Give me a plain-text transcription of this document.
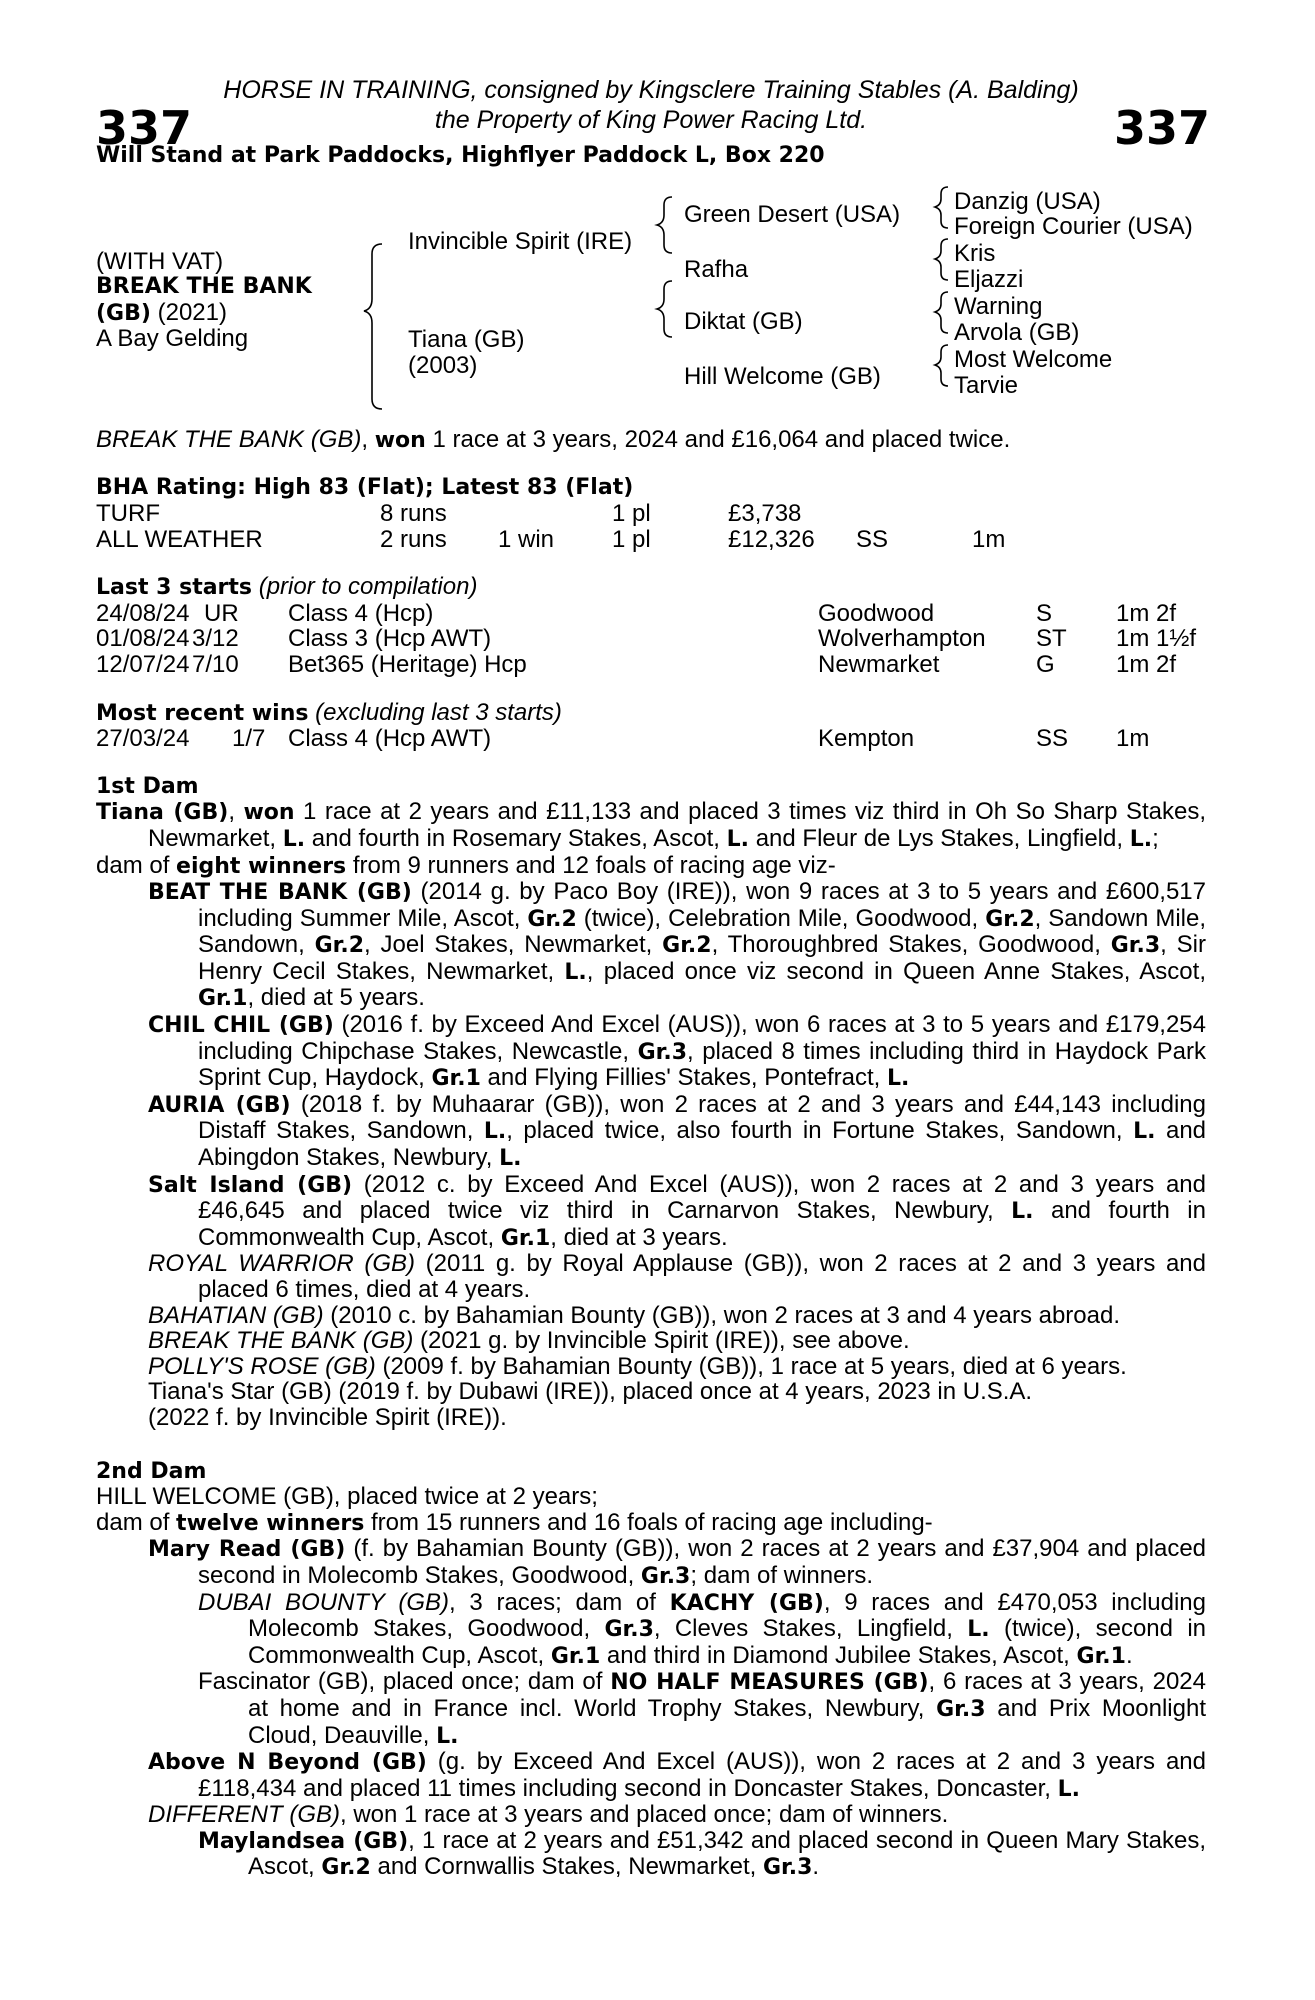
HORSE IN TRAINING, consigned by Kingsclere Training Stables (A. Balding)
the Property of King Power Racing Ltd.
337	337
Will Stand at Park Paddocks, Highflyer Paddock L, Box 220
(WITH VAT)
BREAK THE BANK
(GB) (2021)
A Bay Gelding
Invincible Spirit (IRE)
Tiana (GB)
(2003)
Green Desert (USA)
Rafha
Diktat (GB)
Hill Welcome (GB)
Danzig (USA)
Foreign Courier (USA)
Kris
Eljazzi
Warning
Arvola (GB)
Most Welcome
Tarvie
BREAK THE BANK (GB), won 1 race at 3 years, 2024 and £16,064 and placed twice.
BHA Rating: High 83 (Flat); Latest 83 (Flat)
TURF	8 runs	1 pl	£3,738
ALL WEATHER	2 runs 1 win 1 pl	£12,326 SS	1m
Last 3 starts (prior to compilation)
24/08/24 UR Class 4 (Hcp)	Goodwood	S	1m 2f
01/08/24 3/12 Class 3 (Hcp AWT)	Wolverhampton ST 1m 1½f
12/07/24 7/10 Bet365 (Heritage) Hcp	Newmarket	G	1m 2f
Most recent wins (excluding last 3 starts)
27/03/24 1/7 Class 4 (Hcp AWT)	Kempton	SS 1m
1st Dam
Tiana (GB), won 1 race at 2 years and £11,133 and placed 3 times viz third in Oh So Sharp Stakes, Newmarket, L. and fourth in Rosemary Stakes, Ascot, L. and Fleur de Lys Stakes, Lingfield, L.;
dam of eight winners from 9 runners and 12 foals of racing age viz-
BEAT THE BANK (GB) (2014 g. by Paco Boy (IRE)), won 9 races at 3 to 5 years and £600,517 including Summer Mile, Ascot, Gr.2 (twice), Celebration Mile, Goodwood, Gr.2, Sandown Mile, Sandown, Gr.2, Joel Stakes, Newmarket, Gr.2, Thoroughbred Stakes, Goodwood, Gr.3, Sir Henry Cecil Stakes, Newmarket, L., placed once viz second in Queen Anne Stakes, Ascot, Gr.1, died at 5 years.
CHIL CHIL (GB) (2016 f. by Exceed And Excel (AUS)), won 6 races at 3 to 5 years and £179,254 including Chipchase Stakes, Newcastle, Gr.3, placed 8 times including third in Haydock Park Sprint Cup, Haydock, Gr.1 and Flying Fillies' Stakes, Pontefract, L.
AURIA (GB) (2018 f. by Muhaarar (GB)), won 2 races at 2 and 3 years and £44,143 including Distaff Stakes, Sandown, L., placed twice, also fourth in Fortune Stakes, Sandown, L. and Abingdon Stakes, Newbury, L.
Salt Island (GB) (2012 c. by Exceed And Excel (AUS)), won 2 races at 2 and 3 years and £46,645 and placed twice viz third in Carnarvon Stakes, Newbury, L. and fourth in Commonwealth Cup, Ascot, Gr.1, died at 3 years.
ROYAL WARRIOR (GB) (2011 g. by Royal Applause (GB)), won 2 races at 2 and 3 years and placed 6 times, died at 4 years.
BAHATIAN (GB) (2010 c. by Bahamian Bounty (GB)), won 2 races at 3 and 4 years abroad.
BREAK THE BANK (GB) (2021 g. by Invincible Spirit (IRE)), see above.
POLLY'S ROSE (GB) (2009 f. by Bahamian Bounty (GB)), 1 race at 5 years, died at 6 years.
Tiana's Star (GB) (2019 f. by Dubawi (IRE)), placed once at 4 years, 2023 in U.S.A.
(2022 f. by Invincible Spirit (IRE)).
2nd Dam
HILL WELCOME (GB), placed twice at 2 years;
dam of twelve winners from 15 runners and 16 foals of racing age including-
Mary Read (GB) (f. by Bahamian Bounty (GB)), won 2 races at 2 years and £37,904 and placed second in Molecomb Stakes, Goodwood, Gr.3; dam of winners.
DUBAI BOUNTY (GB), 3 races; dam of KACHY (GB), 9 races and £470,053 including Molecomb Stakes, Goodwood, Gr.3, Cleves Stakes, Lingfield, L. (twice), second in Commonwealth Cup, Ascot, Gr.1 and third in Diamond Jubilee Stakes, Ascot, Gr.1.
Fascinator (GB), placed once; dam of NO HALF MEASURES (GB), 6 races at 3 years, 2024 at home and in France incl. World Trophy Stakes, Newbury, Gr.3 and Prix Moonlight Cloud, Deauville, L.
Above N Beyond (GB) (g. by Exceed And Excel (AUS)), won 2 races at 2 and 3 years and £118,434 and placed 11 times including second in Doncaster Stakes, Doncaster, L.
DIFFERENT (GB), won 1 race at 3 years and placed once; dam of winners.
Maylandsea (GB), 1 race at 2 years and £51,342 and placed second in Queen Mary Stakes, Ascot, Gr.2 and Cornwallis Stakes, Newmarket, Gr.3.
